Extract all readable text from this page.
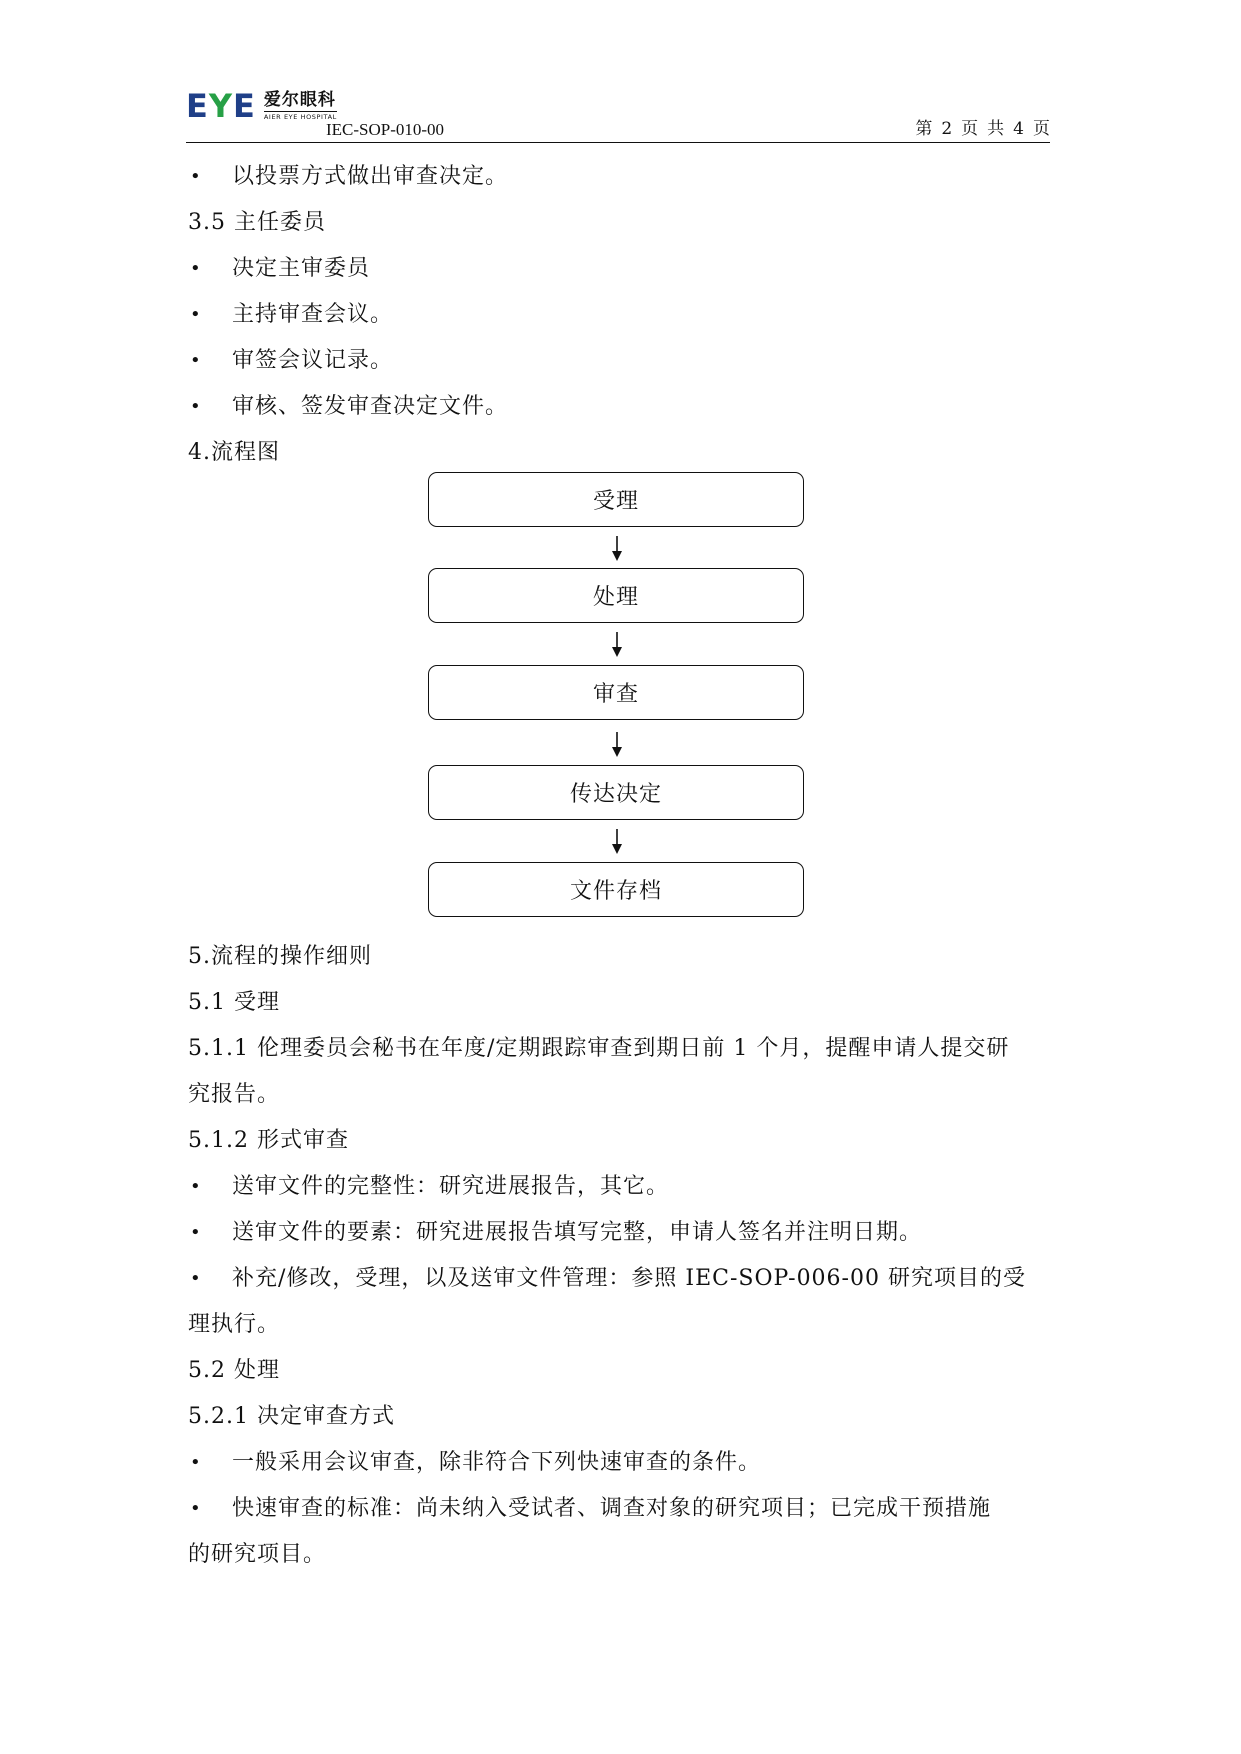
EYE 爱尔眼科
AIER EYE HOSPITAL
IEC-SOP-010-00	第 2 页 共 4 页
• 以投票方式做出审查决定。
3.5 主任委员
• 决定主审委员
• 主持审查会议。
• 审签会议记录。
• 审核、签发审查决定文件。
4.流程图
受理
处理
审查
传达决定
文件存档
5.流程的操作细则
5.1 受理
5.1.1 伦理委员会秘书在年度/定期跟踪审查到期日前 1 个月，提醒申请人提交研
究报告。
5.1.2 形式审查
• 送审文件的完整性：研究进展报告，其它。
• 送审文件的要素：研究进展报告填写完整，申请人签名并注明日期。
• 补充/修改，受理，以及送审文件管理：参照 IEC-SOP-006-00 研究项目的受
理执行。
5.2 处理
5.2.1 决定审查方式
• 一般采用会议审查，除非符合下列快速审查的条件。
• 快速审查的标准：尚未纳入受试者、调查对象的研究项目；已完成干预措施
的研究项目。
